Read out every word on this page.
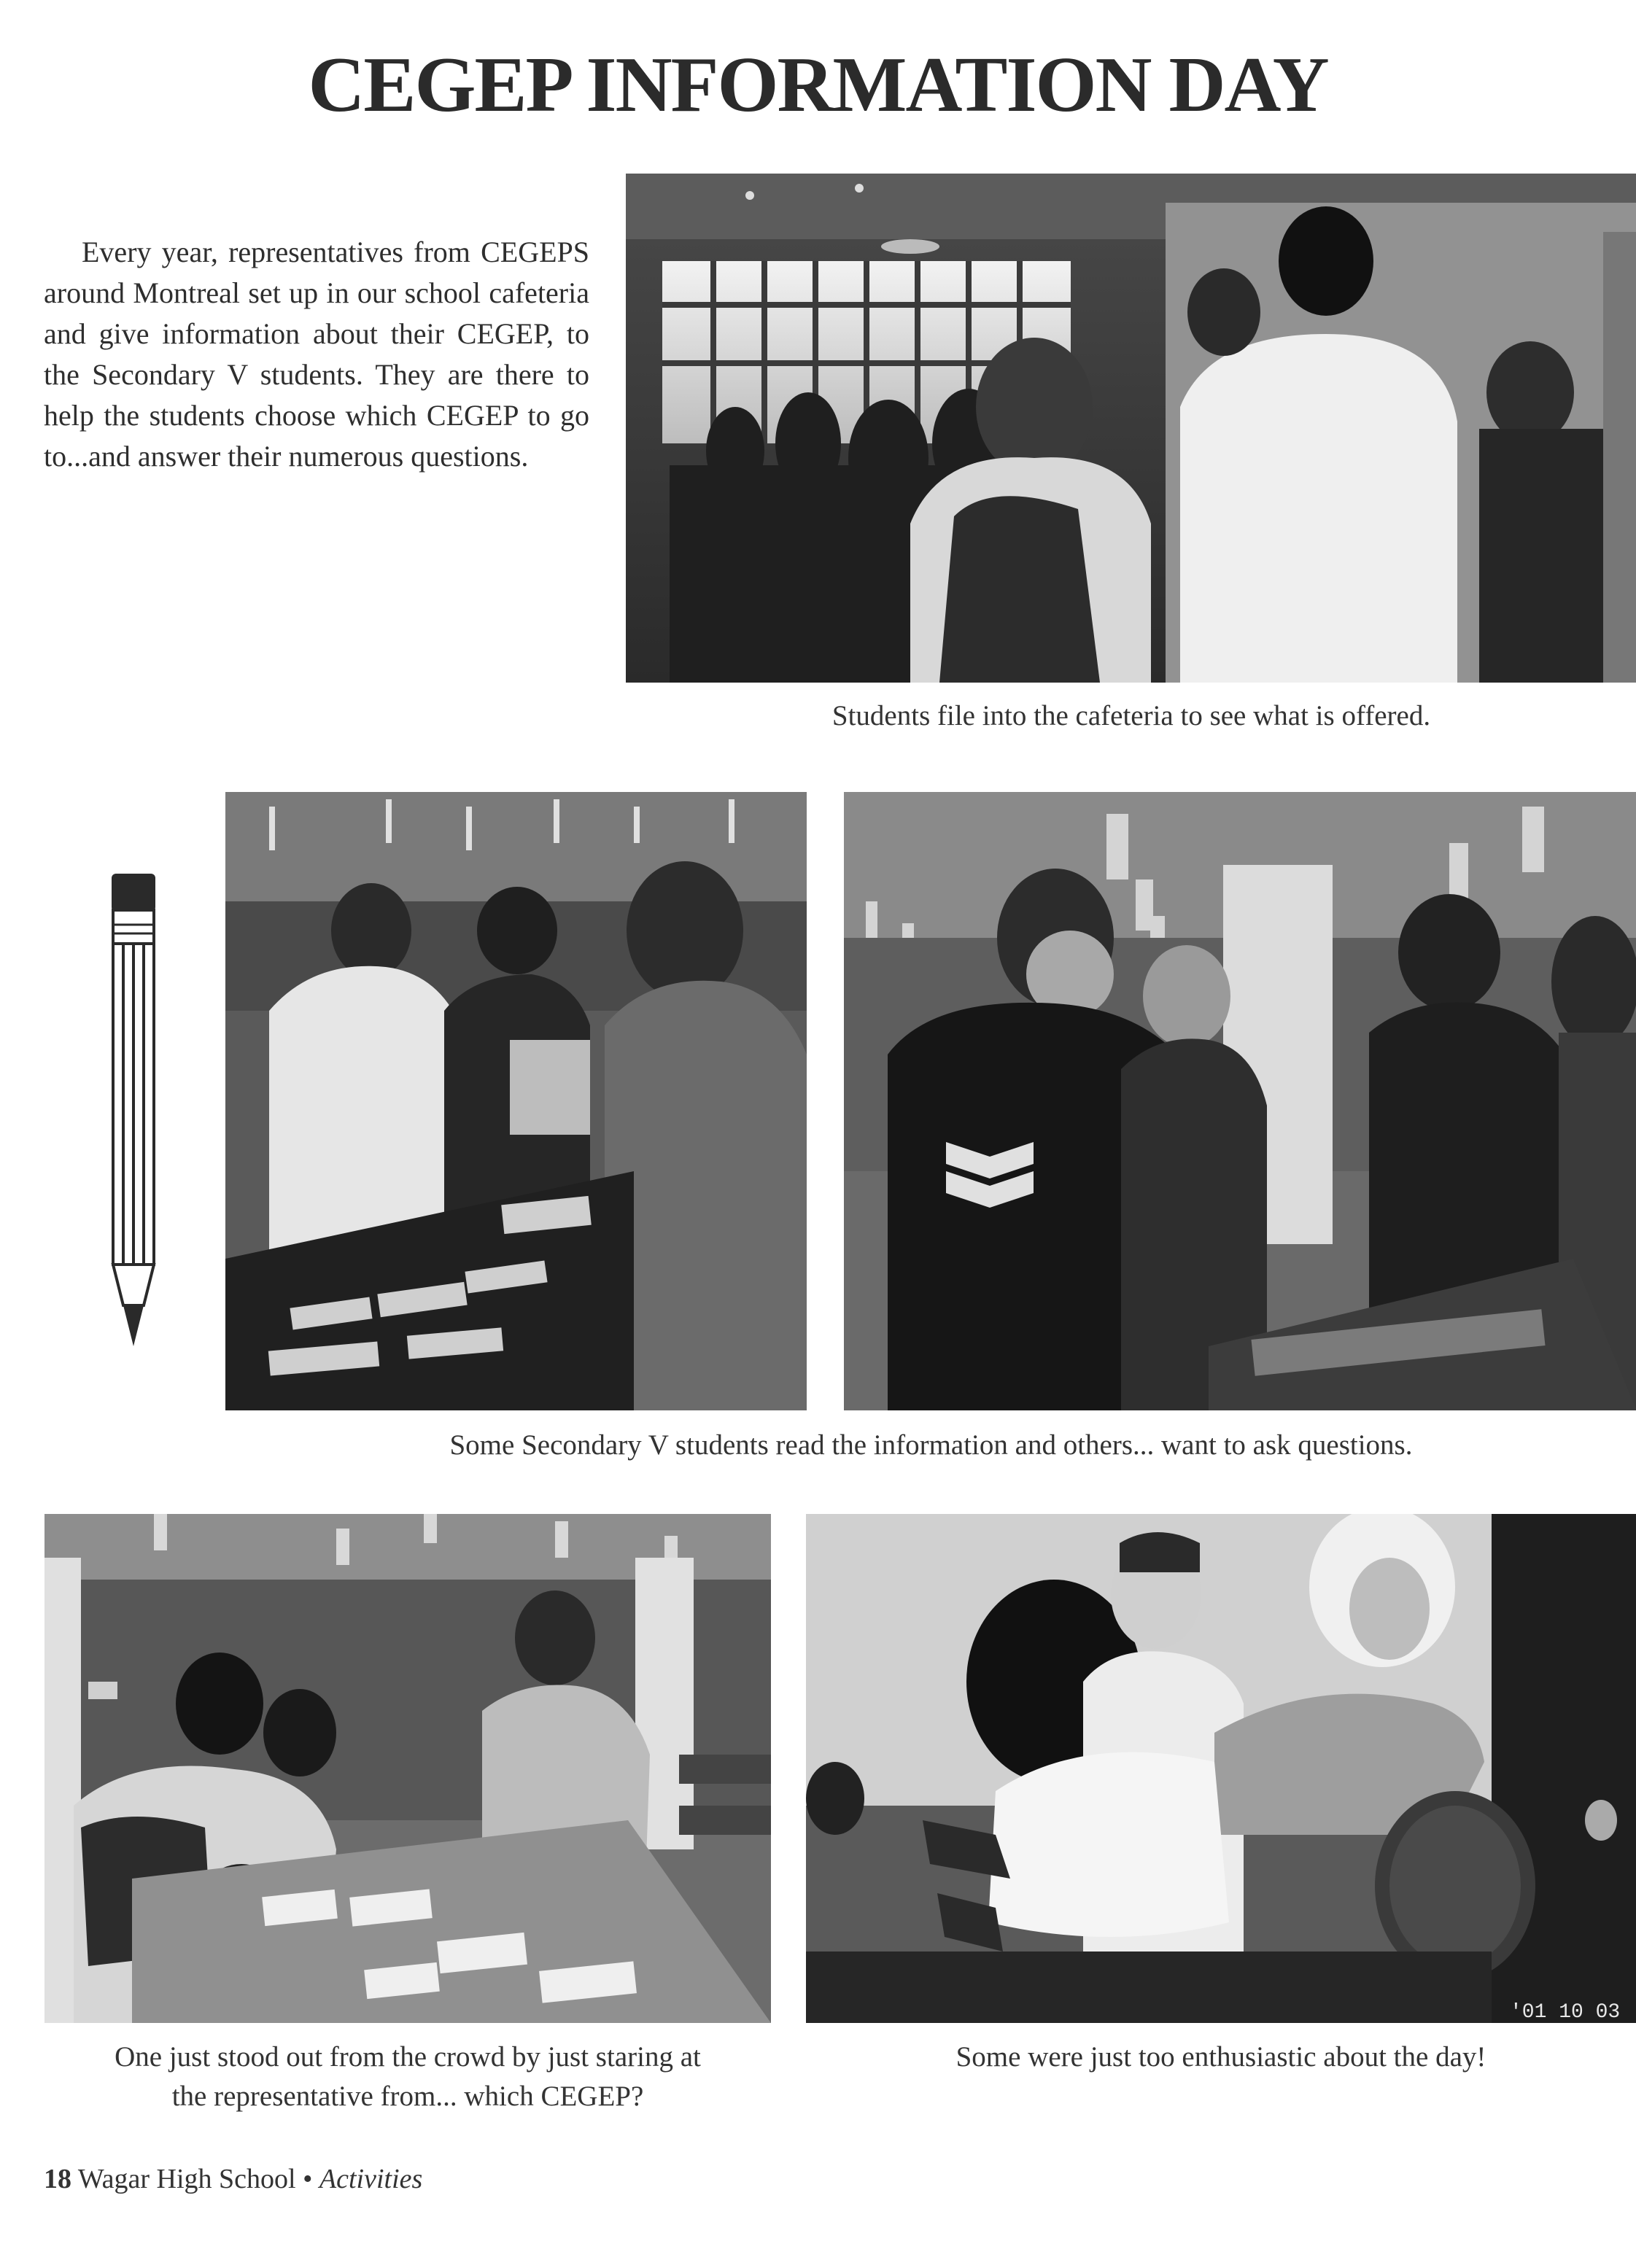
CEGEP INFORMATION DAY

Every year, representatives from CEGEPS around Montreal set up in our school cafeteria and give information about their CEGEP, to the Secondary V students. They are there to help the students choose which CEGEP to go to...and answer their numerous questions.

Students file into the cafeteria to see what is offered.

Some Secondary V students read the information and others... want to ask questions.

One just stood out from the crowd by just staring at

the representative from... which CEGEP?

'01 10 03

Some were just too enthusiastic about the day!

18 Wagar High School • Activities
